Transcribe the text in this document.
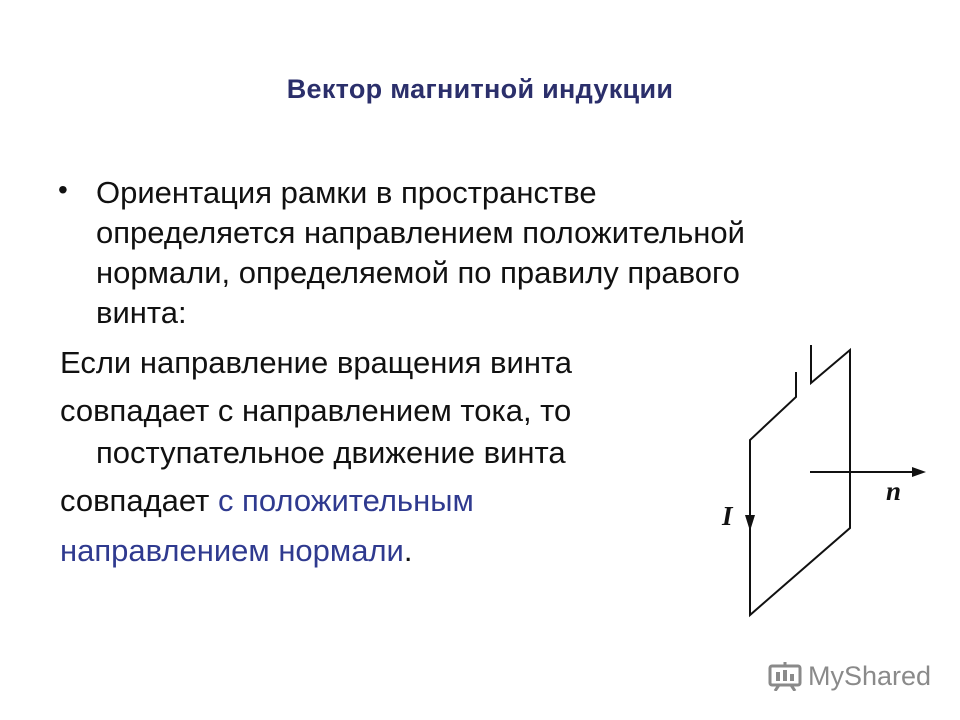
Вектор магнитной индукции
• Ориентация рамки в пространстве
определяется направлением положительной
нормали, определяемой по правилу правого
винта:
Если направление вращения винта
совпадает с направлением тока, то
поступательное движение винта
совпадает с положительным
направлением нормали.
I
n
MyShared
